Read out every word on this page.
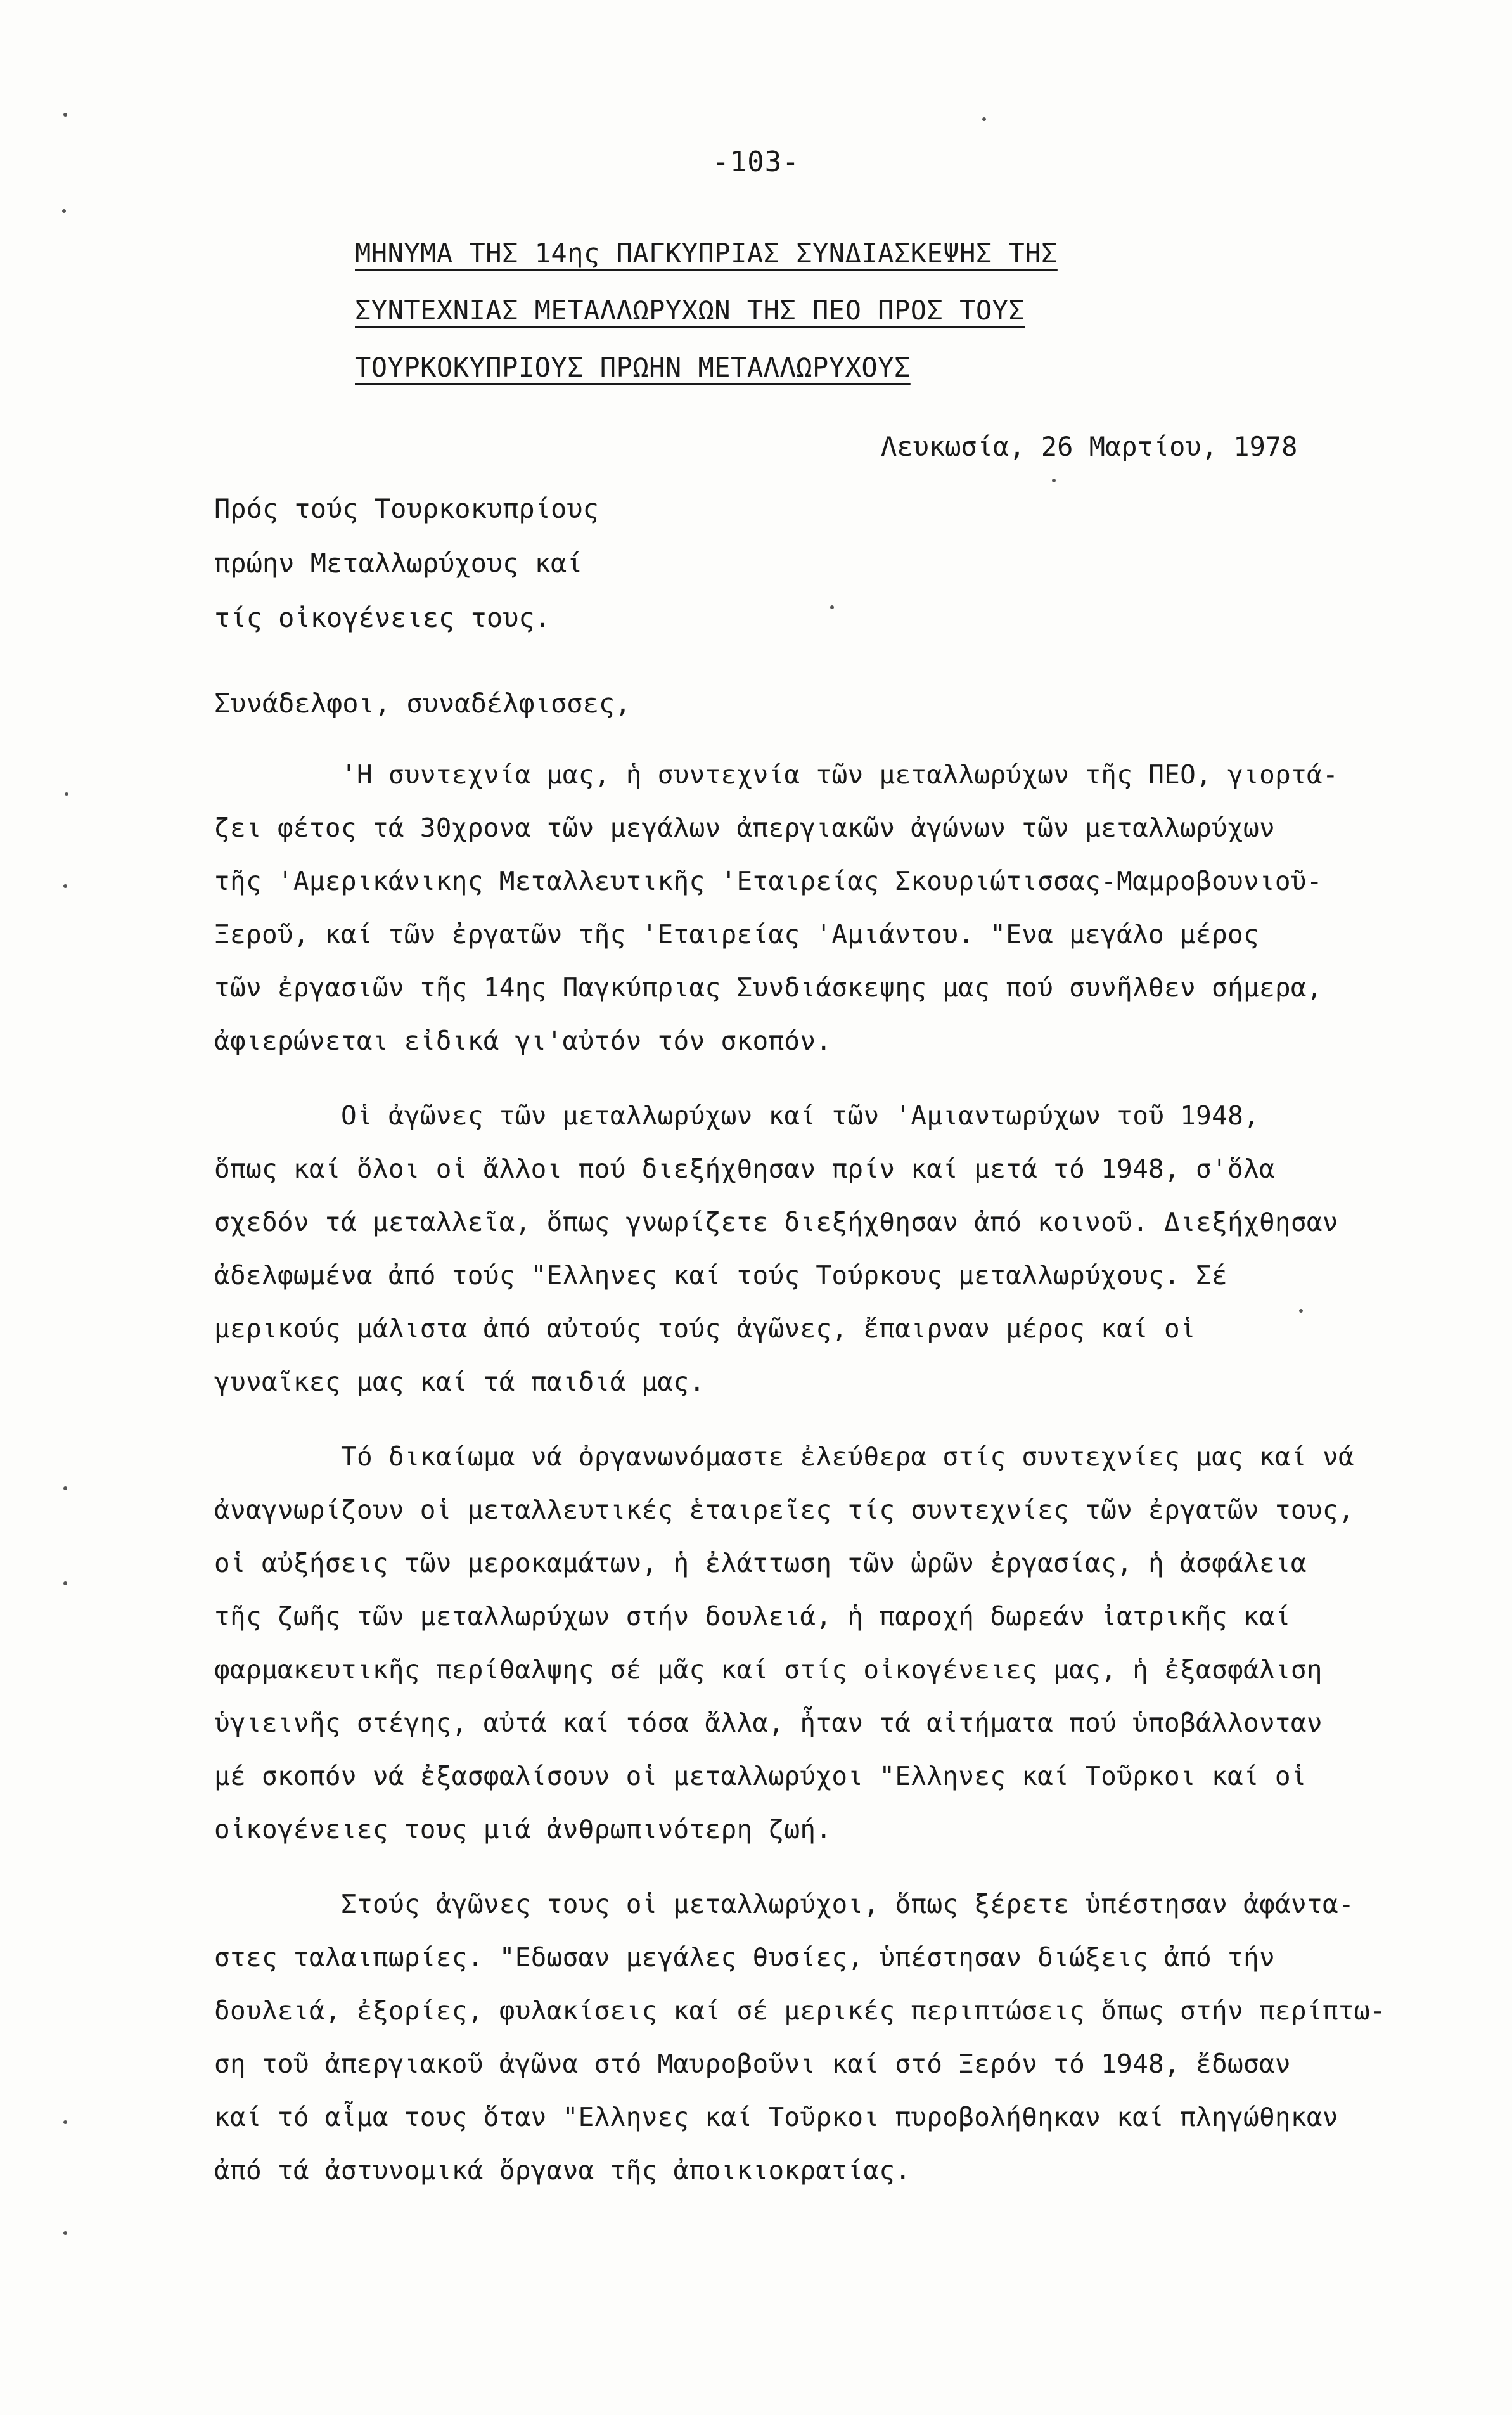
-103-
ΜΗΝΥΜΑ ΤΗΣ 14ης ΠΑΓΚΥΠΡΙΑΣ ΣΥΝΔΙΑΣΚΕΨΗΣ ΤΗΣ
ΣΥΝΤΕΧΝΙΑΣ ΜΕΤΑΛΛΩΡΥΧΩΝ ΤΗΣ ΠΕΟ ΠΡΟΣ ΤΟΥΣ
ΤΟΥΡΚΟΚΥΠΡΙΟΥΣ ΠΡΩΗΝ ΜΕΤΑΛΛΩΡΥΧΟΥΣ
Λευκωσία, 26 Μαρτίου, 1978
Πρός τούς Τουρκοκυπρίους
πρώην Μεταλλωρύχους καί
τίς οἰκογένειες τους.
Συνάδελφοι, συναδέλφισσες,
'Η συντεχνία μας, ἡ συντεχνία τῶν μεταλλωρύχων τῆς ΠΕΟ, γιορτά-
ζει φέτος τά 30χρονα τῶν μεγάλων ἀπεργιακῶν ἀγώνων τῶν μεταλλωρύχων
τῆς 'Αμερικάνικης Μεταλλευτικῆς 'Εταιρείας Σκουριώτισσας-Μαμροβουνιοῦ-
Ξεροῦ, καί τῶν ἐργατῶν τῆς 'Εταιρείας 'Αμιάντου. "Ενα μεγάλο μέρος
τῶν ἐργασιῶν τῆς 14ης Παγκύπριας Συνδιάσκεψης μας πού συνῆλθεν σήμερα,
ἀφιερώνεται εἰδικά γι'αὐτόν τόν σκοπόν.
Οἱ ἀγῶνες τῶν μεταλλωρύχων καί τῶν 'Αμιαντωρύχων τοῦ 1948,
ὅπως καί ὅλοι οἱ ἄλλοι πού διεξήχθησαν πρίν καί μετά τό 1948, σ'ὅλα
σχεδόν τά μεταλλεῖα, ὅπως γνωρίζετε διεξήχθησαν ἀπό κοινοῦ. Διεξήχθησαν
ἀδελφωμένα ἀπό τούς "Ελληνες καί τούς Τούρκους μεταλλωρύχους. Σέ
μερικούς μάλιστα ἀπό αὐτούς τούς ἀγῶνες, ἔπαιρναν μέρος καί οἱ
γυναῖκες μας καί τά παιδιά μας.
Τό δικαίωμα νά ὀργανωνόμαστε ἐλεύθερα στίς συντεχνίες μας καί νά
ἀναγνωρίζουν οἱ μεταλλευτικές ἑταιρεῖες τίς συντεχνίες τῶν ἐργατῶν τους,
οἱ αὐξήσεις τῶν μεροκαμάτων, ἡ ἐλάττωση τῶν ὡρῶν ἐργασίας, ἡ ἀσφάλεια
τῆς ζωῆς τῶν μεταλλωρύχων στήν δουλειά, ἡ παροχή δωρεάν ἰατρικῆς καί
φαρμακευτικῆς περίθαλψης σέ μᾶς καί στίς οἰκογένειες μας, ἡ ἐξασφάλιση
ὑγιεινῆς στέγης, αὐτά καί τόσα ἄλλα, ἦταν τά αἰτήματα πού ὑποβάλλονταν
μέ σκοπόν νά ἐξασφαλίσουν οἱ μεταλλωρύχοι "Ελληνες καί Τοῦρκοι καί οἱ
οἰκογένειες τους μιά ἀνθρωπινότερη ζωή.
Στούς ἀγῶνες τους οἱ μεταλλωρύχοι, ὅπως ξέρετε ὑπέστησαν ἀφάντα-
στες ταλαιπωρίες. "Εδωσαν μεγάλες θυσίες, ὑπέστησαν διώξεις ἀπό τήν
δουλειά, ἐξορίες, φυλακίσεις καί σέ μερικές περιπτώσεις ὅπως στήν περίπτω-
ση τοῦ ἀπεργιακοῦ ἀγῶνα στό Μαυροβοῦνι καί στό Ξερόν τό 1948, ἔδωσαν
καί τό αἷμα τους ὅταν "Ελληνες καί Τοῦρκοι πυροβολήθηκαν καί πληγώθηκαν
ἀπό τά ἀστυνομικά ὄργανα τῆς ἀποικιοκρατίας.
